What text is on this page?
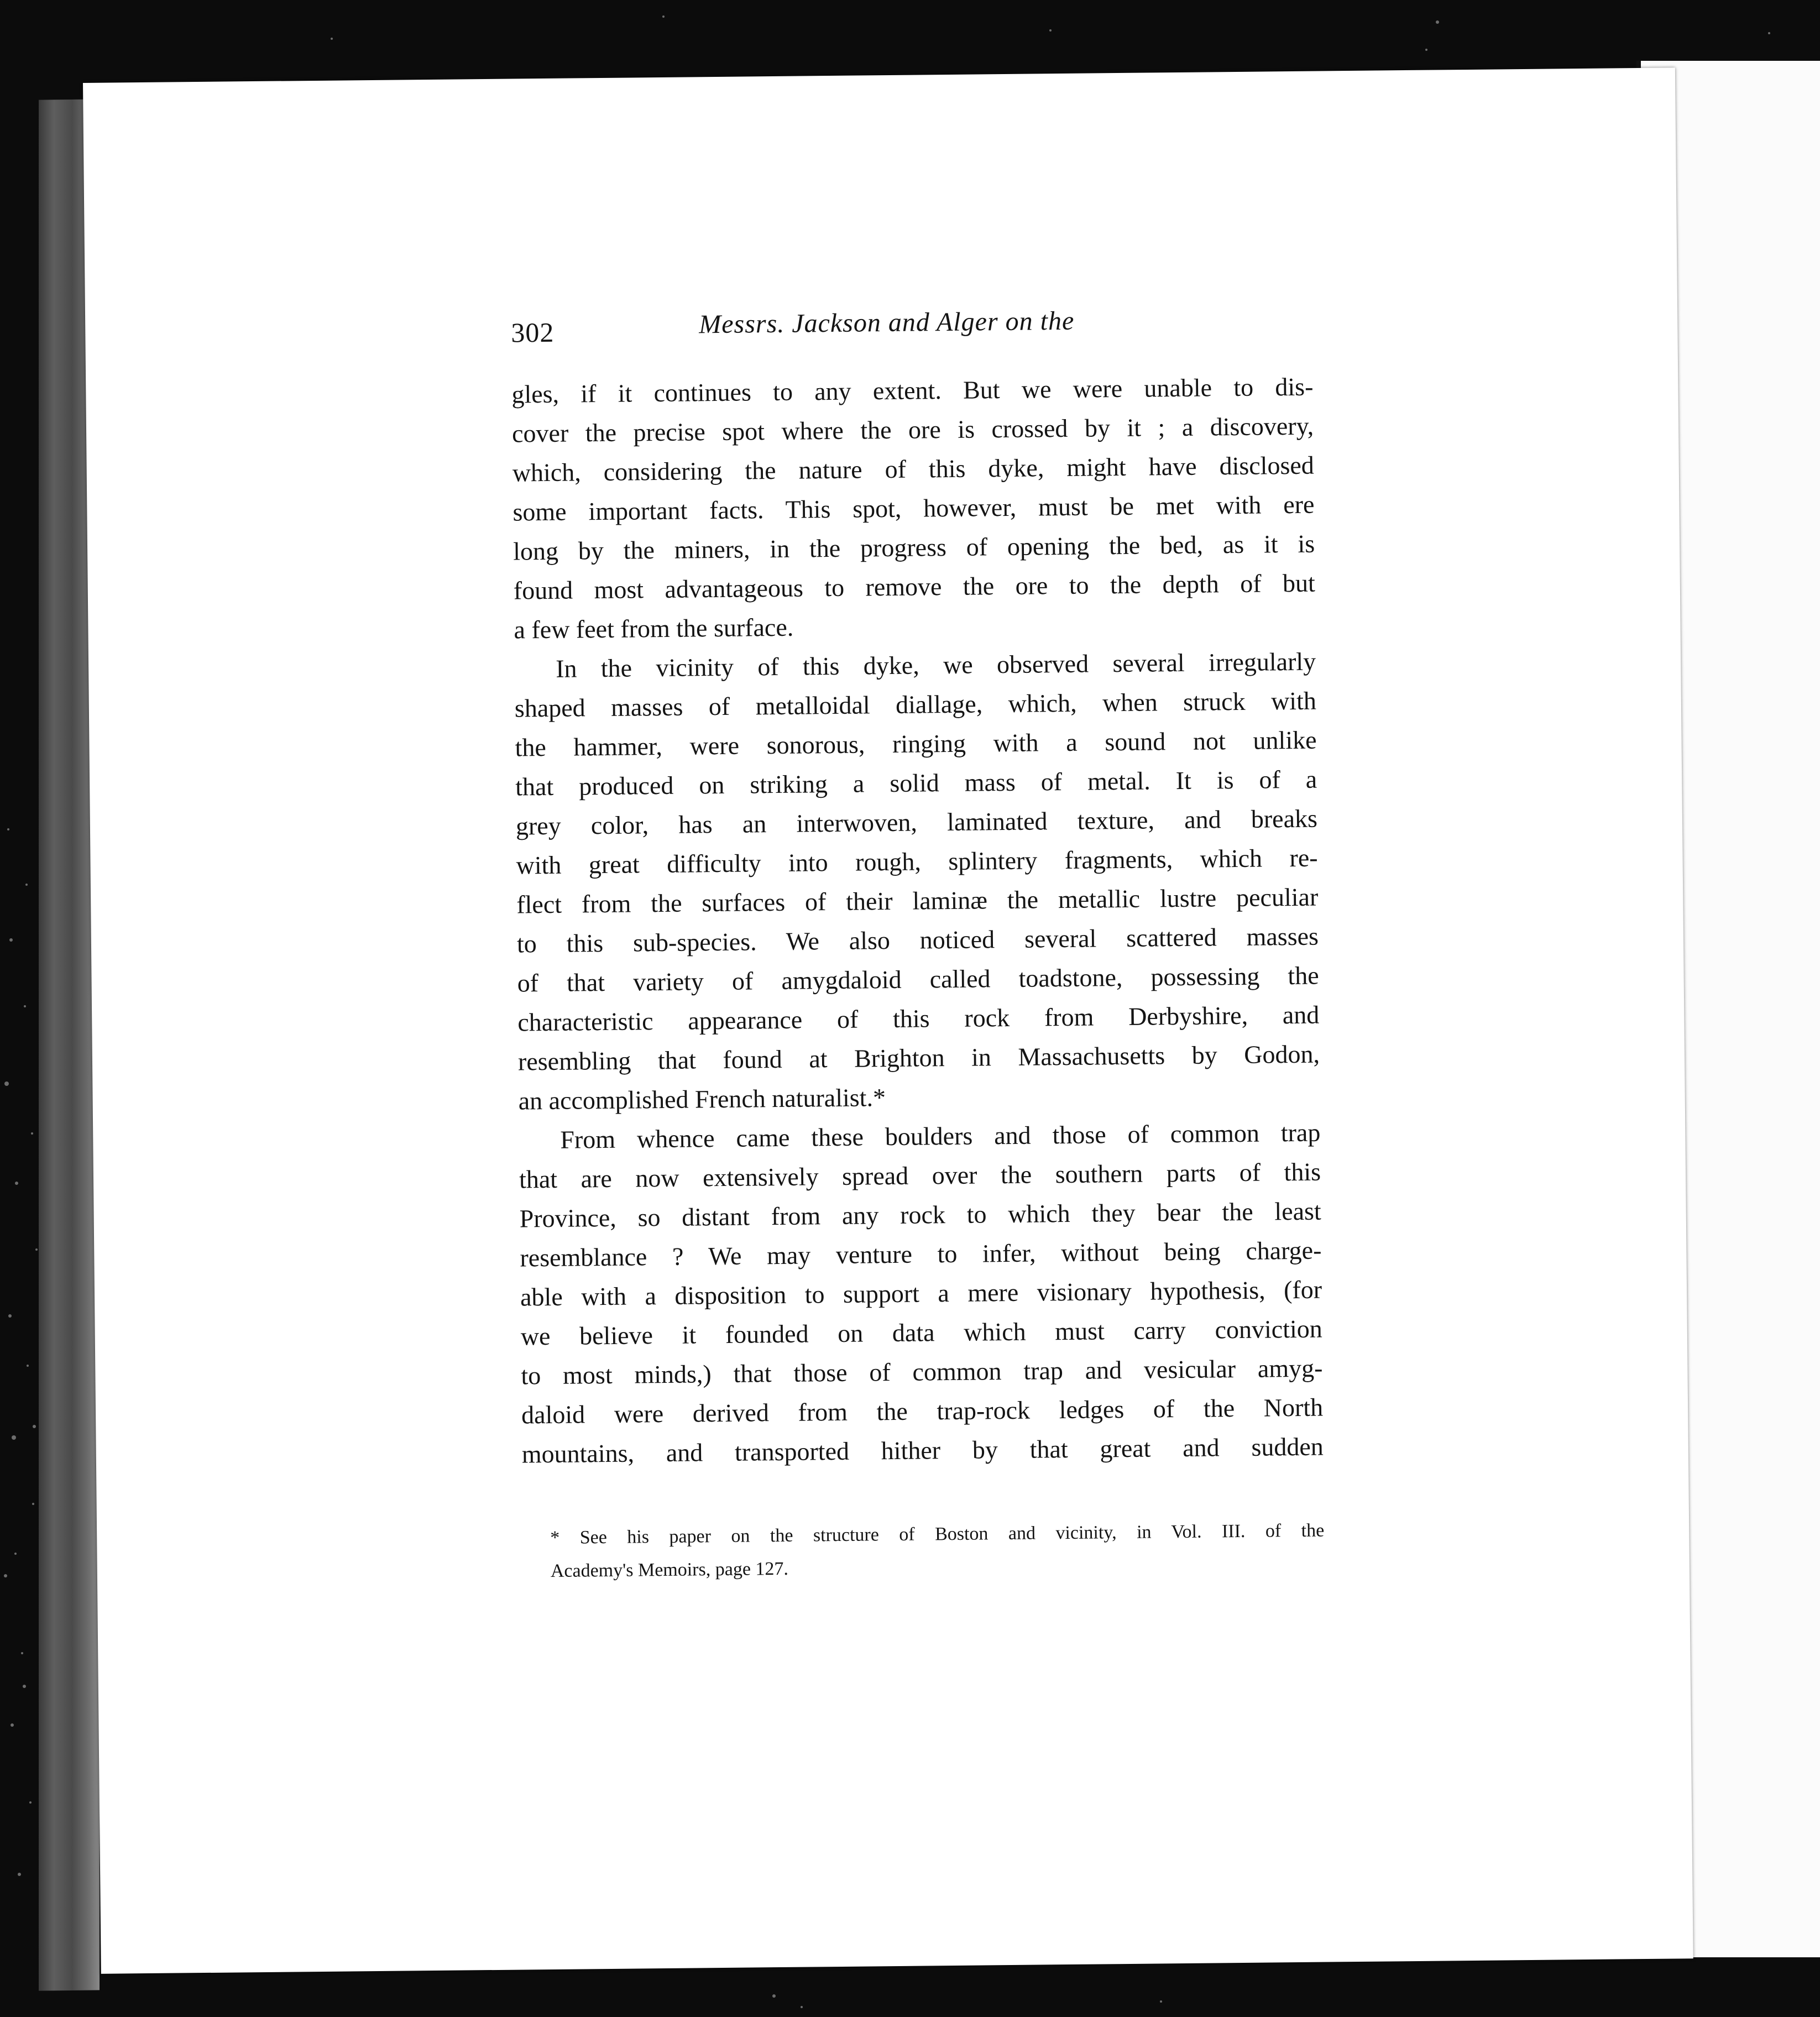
302	Messrs. Jackson and Alger on the

gles, if it continues to any extent. But we were unable to dis-
cover the precise spot where the ore is crossed by it ; a discovery,
which, considering the nature of this dyke, might have disclosed
some important facts. This spot, however, must be met with ere
long by the miners, in the progress of opening the bed, as it is
found most advantageous to remove the ore to the depth of but
a few feet from the surface.

In the vicinity of this dyke, we observed several irregularly
shaped masses of metalloidal diallage, which, when struck with
the hammer, were sonorous, ringing with a sound not unlike
that produced on striking a solid mass of metal. It is of a
grey color, has an interwoven, laminated texture, and breaks
with great difficulty into rough, splintery fragments, which re-
flect from the surfaces of their laminæ the metallic lustre peculiar
to this sub-species. We also noticed several scattered masses
of that variety of amygdaloid called toadstone, possessing the
characteristic appearance of this rock from Derbyshire, and
resembling that found at Brighton in Massachusetts by Godon,
an accomplished French naturalist.*

From whence came these boulders and those of common trap
that are now extensively spread over the southern parts of this
Province, so distant from any rock to which they bear the least
resemblance ? We may venture to infer, without being charge-
able with a disposition to support a mere visionary hypothesis, (for
we believe it founded on data which must carry conviction
to most minds,) that those of common trap and vesicular amyg-
daloid were derived from the trap-rock ledges of the North
mountains, and transported hither by that great and sudden

* See his paper on the structure of Boston and vicinity, in Vol. III. of the
Academy's Memoirs, page 127.
